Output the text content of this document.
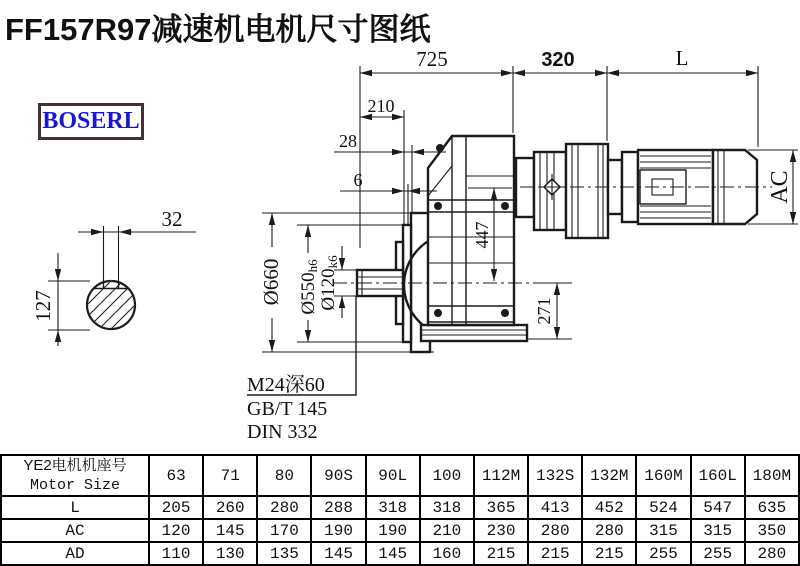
FF157R97减速机电机尺寸图纸
BOSERL
725	320	L
210
28
6
32
127
Ø660 Ø550h6
Ø120k6
447
271
AC
M24深60
GB/T 145
DIN 332
YE2电机机座号
Motor Size	63	71	80	90S	90L	100	112M	132S	132M	160M	160L	180M
L	205	260	280	288	318	318	365	413	452	524	547	635
AC	120	145	170	190	190	210	230	280	280	315	315	350
AD	110	130	135	145	145	160	215	215	215	255	255	280
